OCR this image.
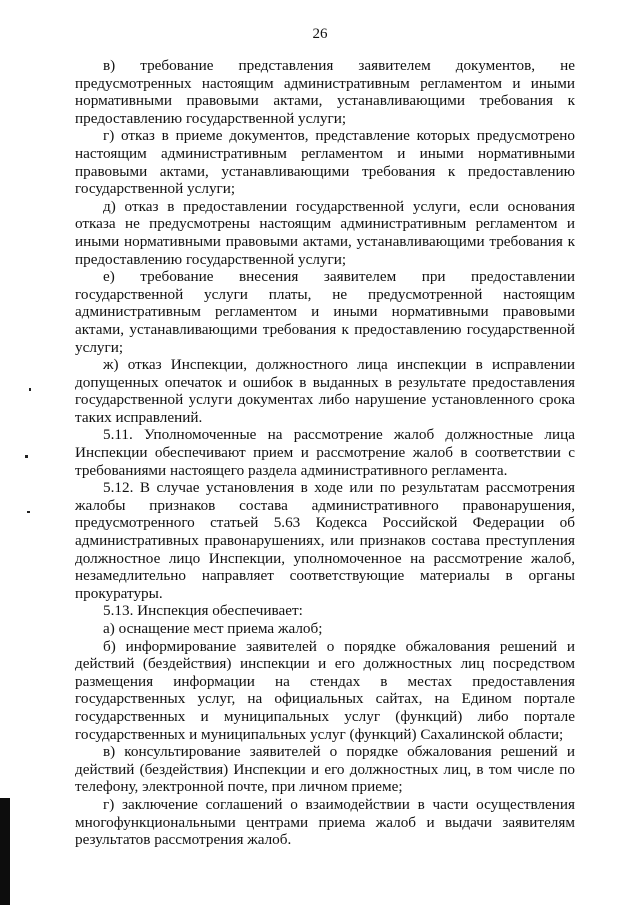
26

в) требование представления заявителем документов, не предусмотренных настоящим административным регламентом и иными нормативными правовыми актами, устанавливающими требования к предоставлению государственной услуги;

г) отказ в приеме документов, представление которых предусмотрено настоящим административным регламентом и иными нормативными правовыми актами, устанавливающими требования к предоставлению государственной услуги;

д) отказ в предоставлении государственной услуги, если основания отказа не предусмотрены настоящим административным регламентом и иными нормативными правовыми актами, устанавливающими требования к предоставлению государственной услуги;

е) требование внесения заявителем при предоставлении государственной услуги платы, не предусмотренной настоящим административным регламентом и иными нормативными правовыми актами, устанавливающими требования к предоставлению государственной услуги;

ж) отказ Инспекции, должностного лица инспекции в исправлении допущенных опечаток и ошибок в выданных в результате предоставления государственной услуги документах либо нарушение установленного срока таких исправлений.

5.11. Уполномоченные на рассмотрение жалоб должностные лица Инспекции обеспечивают прием и рассмотрение жалоб в соответствии с требованиями настоящего раздела административного регламента.

5.12. В случае установления в ходе или по результатам рассмотрения жалобы признаков состава административного правонарушения, предусмотренного статьей 5.63 Кодекса Российской Федерации об административных правонарушениях, или признаков состава преступления должностное лицо Инспекции, уполномоченное на рассмотрение жалоб, незамедлительно направляет соответствующие материалы в органы прокуратуры.

5.13. Инспекция обеспечивает:

а) оснащение мест приема жалоб;

б) информирование заявителей о порядке обжалования решений и действий (бездействия) инспекции и его должностных лиц посредством размещения информации на стендах в местах предоставления государственных услуг, на официальных сайтах, на Едином портале государственных и муниципальных услуг (функций) либо портале государственных и муниципальных услуг (функций) Сахалинской области;

в) консультирование заявителей о порядке обжалования решений и действий (бездействия) Инспекции и его должностных лиц, в том числе по телефону, электронной почте, при личном приеме;

г) заключение соглашений о взаимодействии в части осуществления многофункциональными центрами приема жалоб и выдачи заявителям результатов рассмотрения жалоб.
